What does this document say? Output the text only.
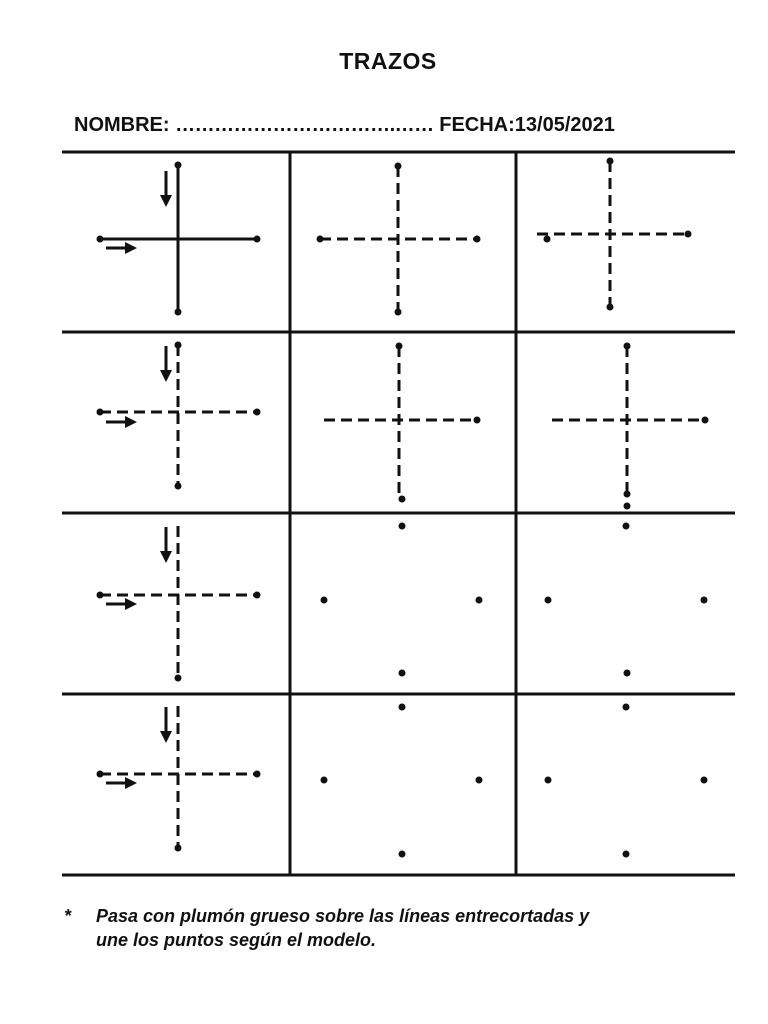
TRAZOS
NOMBRE: …………………………….…… FECHA:13/05/2021
* Pasa con plumón grueso sobre las líneas entrecortadas y
une los puntos según el modelo.
